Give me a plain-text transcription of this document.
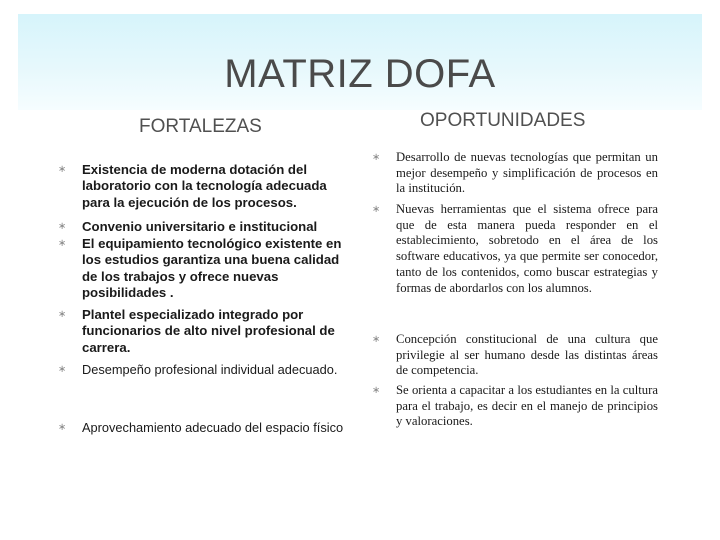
MATRIZ DOFA
FORTALEZAS	OPORTUNIDADES
∗ Existencia de moderna dotación del laboratorio con la tecnología adecuada para la ejecución de los procesos.
∗ Convenio universitario e institucional
∗ El equipamiento tecnológico existente en los estudios garantiza una buena calidad de los trabajos y ofrece nuevas posibilidades .
∗ Plantel especializado integrado por funcionarios de alto nivel profesional de carrera.
∗ Desempeño profesional individual adecuado.
∗ Aprovechamiento adecuado del espacio físico
∗ Desarrollo de nuevas tecnologías que permitan un mejor desempeño y simplificación de procesos en la institución.
∗ Nuevas herramientas que el sistema ofrece para que de esta manera pueda responder en el establecimiento, sobretodo en el área de los software educativos, ya que permite ser conocedor, tanto de los contenidos, como buscar estrategias y formas de abordarlos con los alumnos.
∗ Concepción constitucional de una cultura que privilegie al ser humano desde las distintas áreas de competencia.
∗ Se orienta a capacitar a los estudiantes en la cultura para el trabajo, es decir en el manejo de principios y valoraciones.
